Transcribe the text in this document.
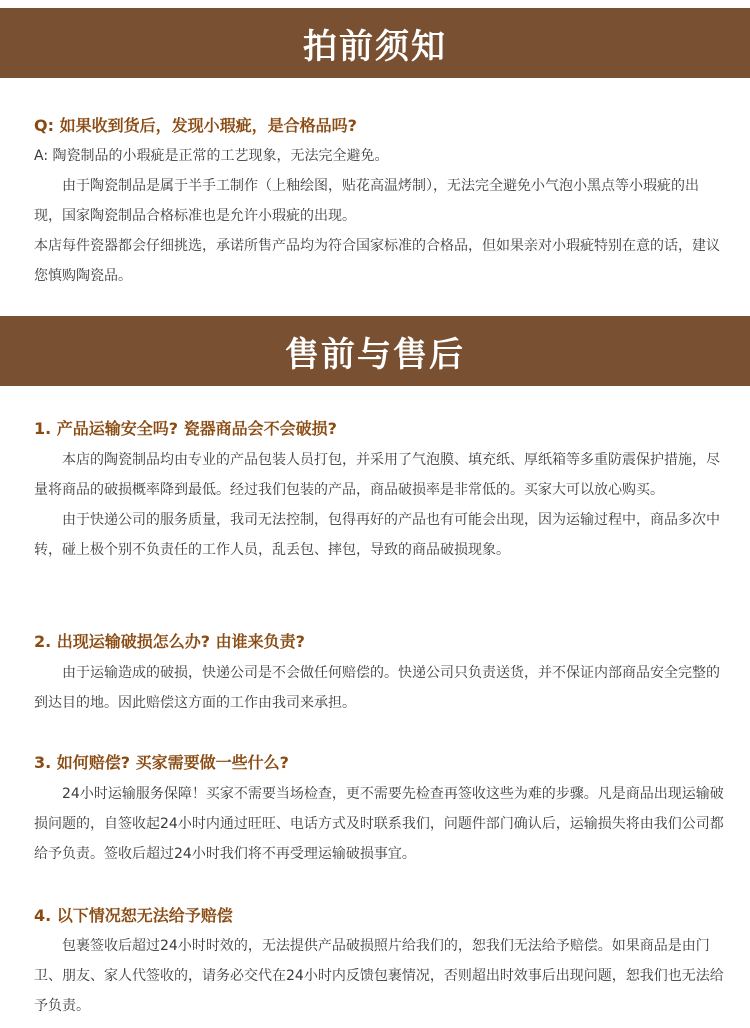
拍前须知

Q: 如果收到货后，发现小瑕疵，是合格品吗?

A: 陶瓷制品的小瑕疵是正常的工艺现象，无法完全避免。

由于陶瓷制品是属于半手工制作（上釉绘图，贴花高温烤制），无法完全避免小气泡小黑点等小瑕疵的出现，国家陶瓷制品合格标准也是允许小瑕疵的出现。

本店每件瓷器都会仔细挑选，承诺所售产品均为符合国家标准的合格品，但如果亲对小瑕疵特别在意的话，建议您慎购陶瓷品。

售前与售后

1. 产品运输安全吗? 瓷器商品会不会破损?

本店的陶瓷制品均由专业的产品包装人员打包，并采用了气泡膜、填充纸、厚纸箱等多重防震保护措施，尽量将商品的破损概率降到最低。经过我们包装的产品，商品破损率是非常低的。买家大可以放心购买。

由于快递公司的服务质量，我司无法控制，包得再好的产品也有可能会出现，因为运输过程中，商品多次中转，碰上极个别不负责任的工作人员，乱丢包、摔包，导致的商品破损现象。

2. 出现运输破损怎么办? 由谁来负责?

由于运输造成的破损，快递公司是不会做任何赔偿的。快递公司只负责送货，并不保证内部商品安全完整的到达目的地。因此赔偿这方面的工作由我司来承担。

3. 如何赔偿? 买家需要做一些什么?

24小时运输服务保障！买家不需要当场检查，更不需要先检查再签收这些为难的步骤。凡是商品出现运输破损问题的，自签收起24小时内通过旺旺、电话方式及时联系我们，问题件部门确认后，运输损失将由我们公司都给予负责。签收后超过24小时我们将不再受理运输破损事宜。

4. 以下情况恕无法给予赔偿

包裹签收后超过24小时时效的，无法提供产品破损照片给我们的，恕我们无法给予赔偿。如果商品是由门卫、朋友、家人代签收的，请务必交代在24小时内反馈包裹情况，否则超出时效事后出现问题，恕我们也无法给予负责。
